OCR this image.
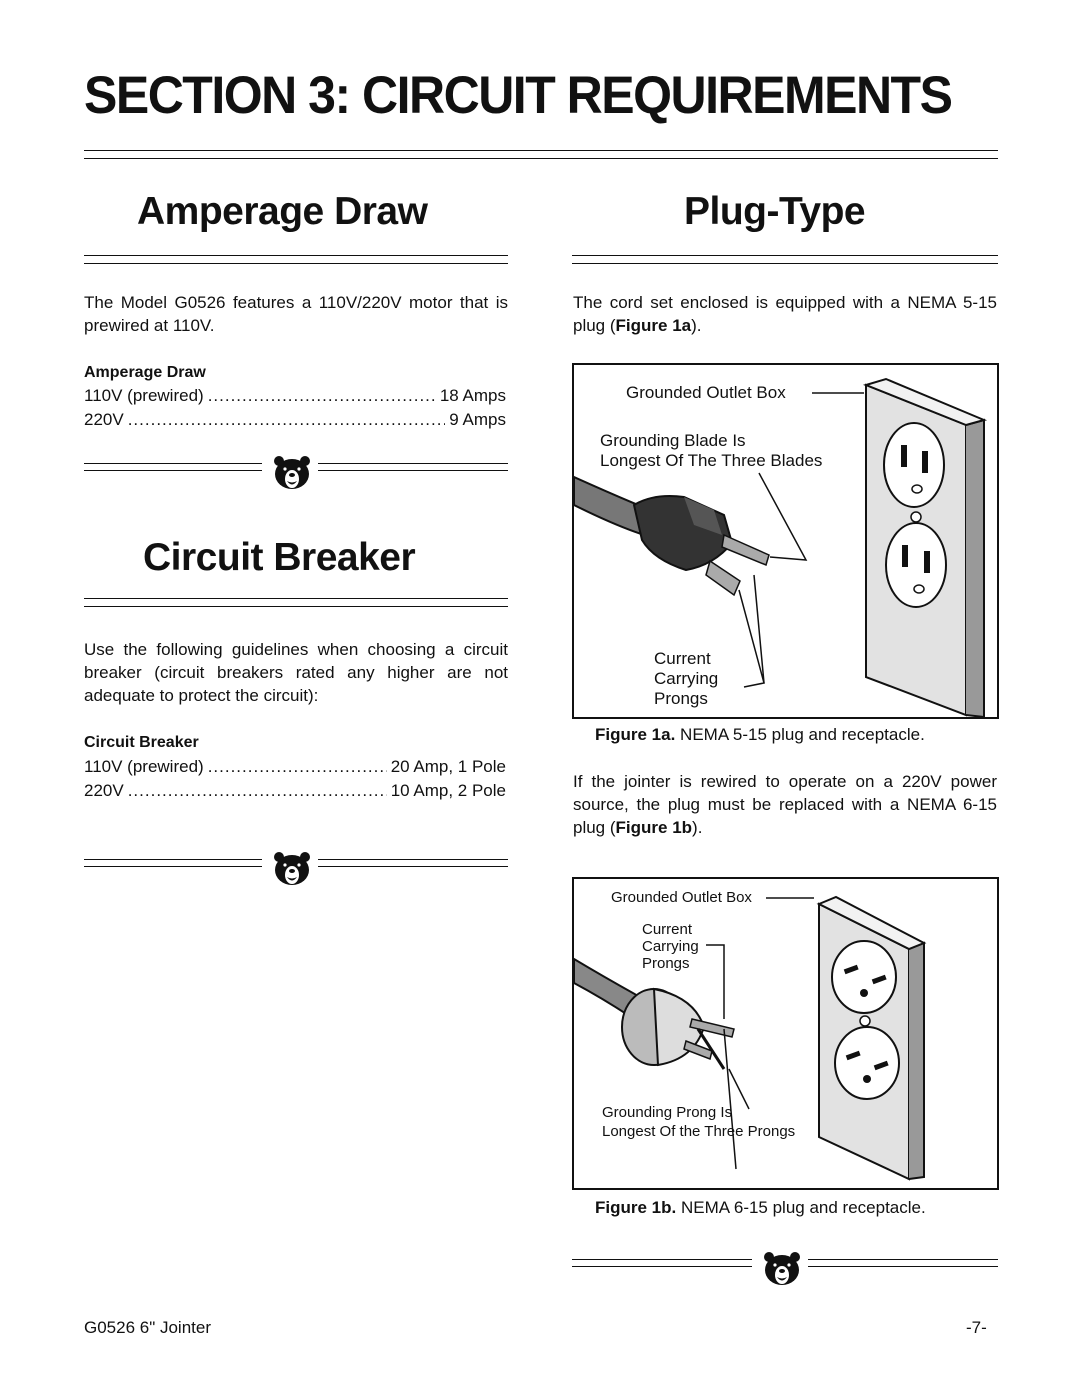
SECTION 3: CIRCUIT REQUIREMENTS
Amperage Draw
The Model G0526 features a 110V/220V motor that is prewired at 110V.
Amperage Draw
110V (prewired) .....	18 Amps
220V .....	9 Amps
Circuit Breaker
Use the following guidelines when choosing a circuit breaker (circuit breakers rated any higher are not adequate to protect the circuit):
Circuit Breaker
110V (prewired) .....	20 Amp, 1 Pole
220V .....	10 Amp, 2 Pole
Plug-Type
The cord set enclosed is equipped with a NEMA 5-15 plug (Figure 1a).
Grounded Outlet Box
Grounding Blade Is
Longest Of The Three Blades
Current
Carrying
Prongs
Figure 1a. NEMA 5-15 plug and receptacle.
If the jointer is rewired to operate on a 220V power source, the plug must be replaced with a NEMA 6-15 plug (Figure 1b).
Grounded Outlet Box
Current
Carrying
Prongs
Grounding Prong Is
Longest Of the Three Prongs
Figure 1b. NEMA 6-15 plug and receptacle.
G0526 6" Jointer	-7-
